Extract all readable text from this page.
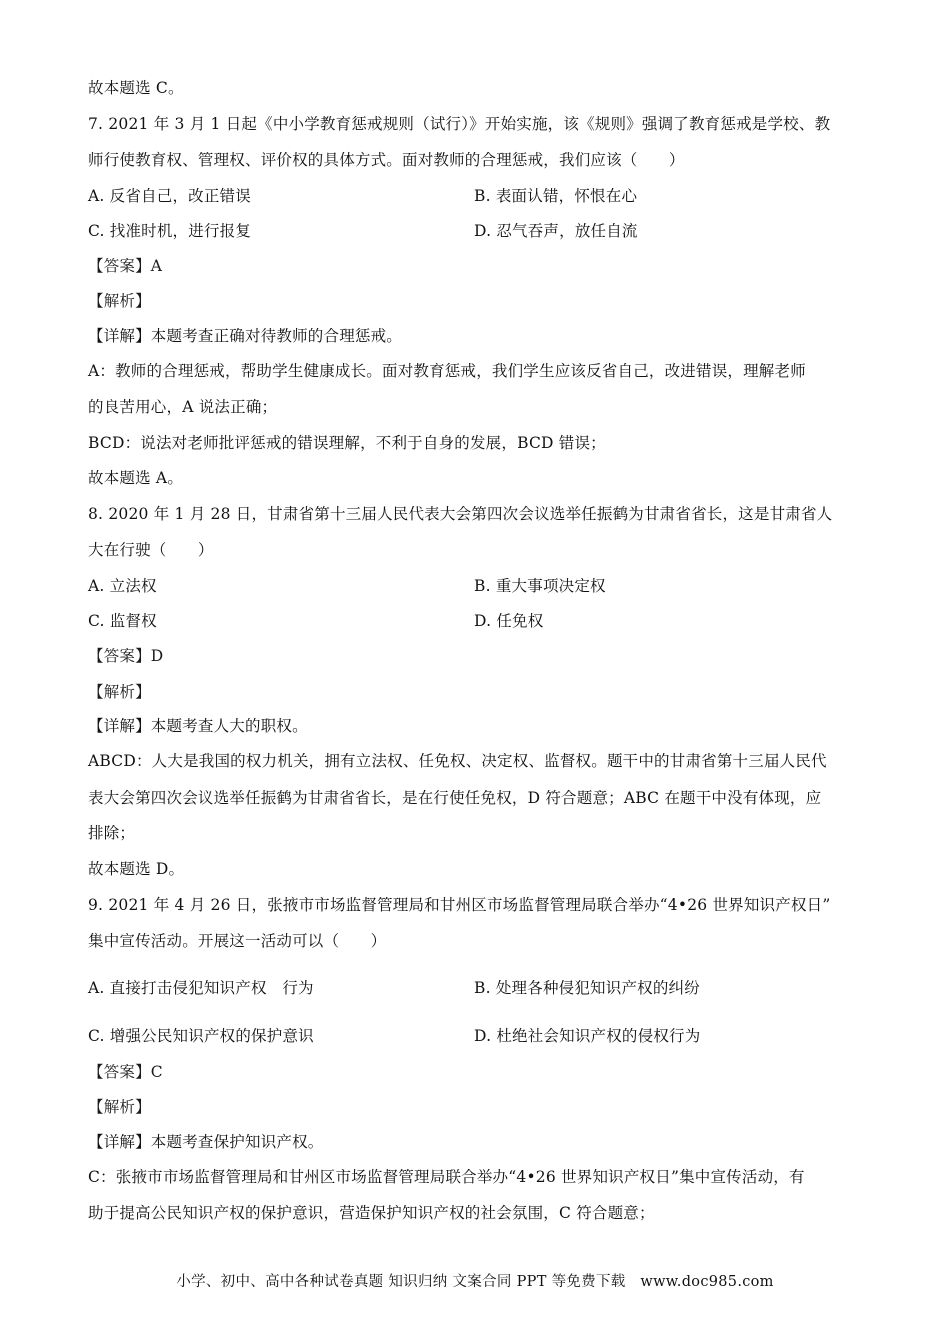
故本题选 C。
7. 2021 年 3 月 1 日起《中小学教育惩戒规则（试行）》开始实施，该《规则》强调了教育惩戒是学校、教
师行使教育权、管理权、评价权的具体方式。面对教师的合理惩戒，我们应该（　　）
A. 反省自己，改正错误	B. 表面认错，怀恨在心
C. 找准时机，进行报复	D. 忍气吞声，放任自流
【答案】A
【解析】
【详解】本题考查正确对待教师的合理惩戒。
A：教师的合理惩戒，帮助学生健康成长。面对教育惩戒，我们学生应该反省自己，改进错误，理解老师
的良苦用心，A 说法正确；
BCD：说法对老师批评惩戒的错误理解，不利于自身的发展，BCD 错误；
故本题选 A。
8. 2020 年 1 月 28 日，甘肃省第十三届人民代表大会第四次会议选举任振鹤为甘肃省省长，这是甘肃省人
大在行驶（　　）
A. 立法权	B. 重大事项决定权
C. 监督权	D. 任免权
【答案】D
【解析】
【详解】本题考查人大的职权。
ABCD：人大是我国的权力机关，拥有立法权、任免权、决定权、监督权。题干中的甘肃省第十三届人民代
表大会第四次会议选举任振鹤为甘肃省省长，是在行使任免权，D 符合题意；ABC 在题干中没有体现，应
排除；
故本题选 D。
9. 2021 年 4 月 26 日，张掖市市场监督管理局和甘州区市场监督管理局联合举办“4•26 世界知识产权日”
集中宣传活动。开展这一活动可以（　　）
A. 直接打击侵犯知识产权　行为	B. 处理各种侵犯知识产权的纠纷
C. 增强公民知识产权的保护意识	D. 杜绝社会知识产权的侵权行为
【答案】C
【解析】
【详解】本题考查保护知识产权。
C：张掖市市场监督管理局和甘州区市场监督管理局联合举办“4•26 世界知识产权日”集中宣传活动，有
助于提高公民知识产权的保护意识，营造保护知识产权的社会氛围，C 符合题意；
小学、初中、高中各种试卷真题 知识归纳 文案合同 PPT 等免费下载　www.doc985.com
